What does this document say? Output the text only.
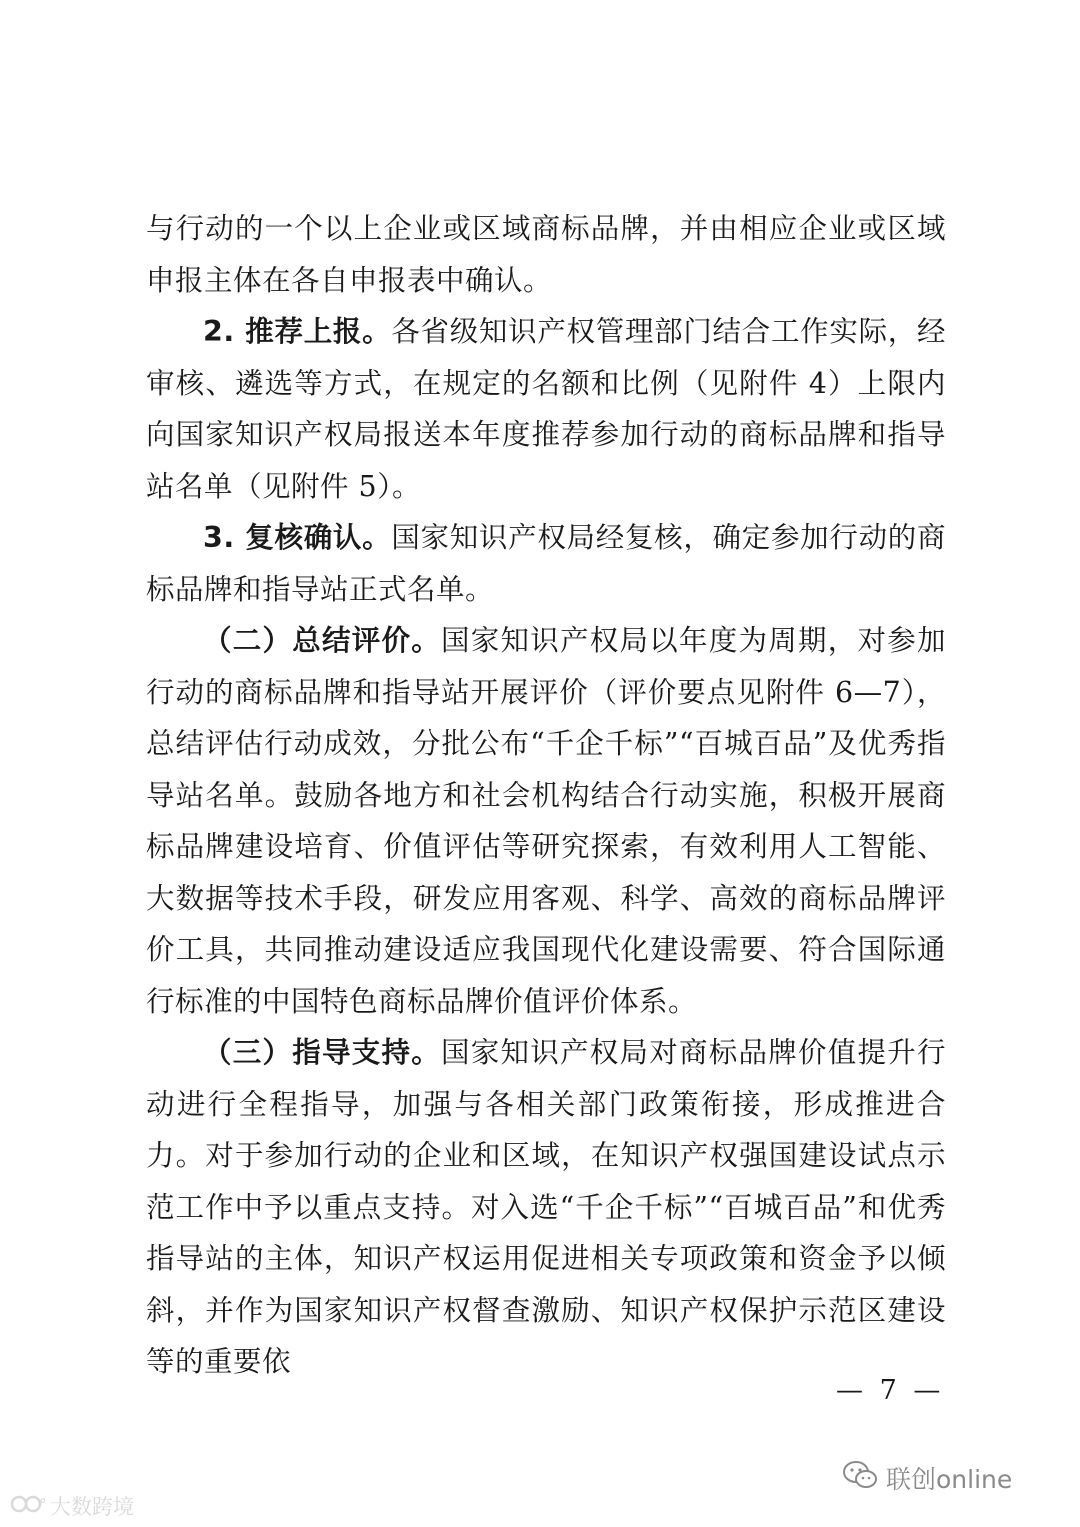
与行动的一个以上企业或区域商标品牌，并由相应企业或区域申报主体在各自申报表中确认。

2. 推荐上报。各省级知识产权管理部门结合工作实际，经审核、遴选等方式，在规定的名额和比例（见附件 4）上限内向国家知识产权局报送本年度推荐参加行动的商标品牌和指导站名单（见附件 5）。

3. 复核确认。国家知识产权局经复核，确定参加行动的商标品牌和指导站正式名单。

（二）总结评价。国家知识产权局以年度为周期，对参加行动的商标品牌和指导站开展评价（评价要点见附件 6—7），总结评估行动成效，分批公布“千企千标”“百城百品”及优秀指导站名单。鼓励各地方和社会机构结合行动实施，积极开展商标品牌建设培育、价值评估等研究探索，有效利用人工智能、大数据等技术手段，研发应用客观、科学、高效的商标品牌评价工具，共同推动建设适应我国现代化建设需要、符合国际通行标准的中国特色商标品牌价值评价体系。

（三）指导支持。国家知识产权局对商标品牌价值提升行动进行全程指导，加强与各相关部门政策衔接，形成推进合力。对于参加行动的企业和区域，在知识产权强国建设试点示范工作中予以重点支持。对入选“千企千标”“百城百品”和优秀指导站的主体，知识产权运用促进相关专项政策和资金予以倾斜，并作为国家知识产权督查激励、知识产权保护示范区建设等的重要依

— 7 —
o 大数跨境
联创online
